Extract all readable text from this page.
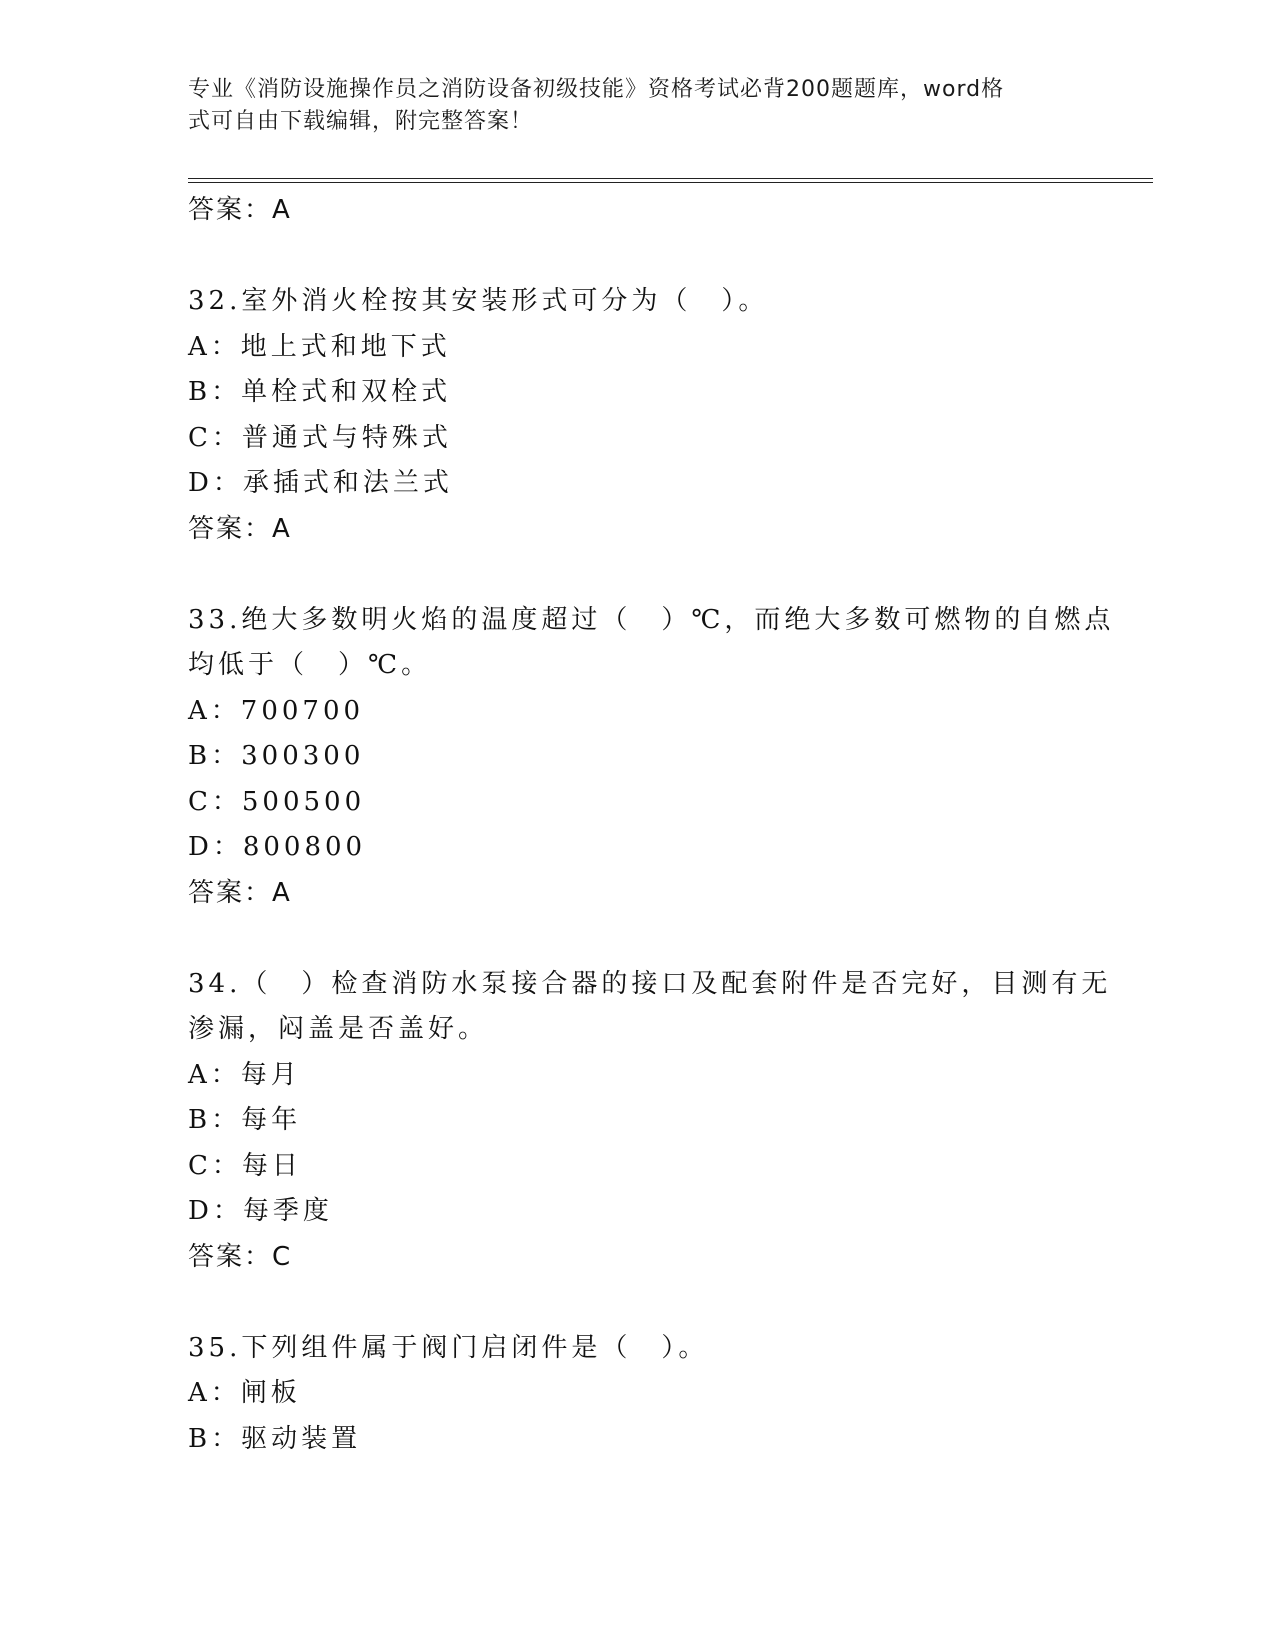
专业《消防设施操作员之消防设备初级技能》资格考试必背200题题库，word格
式可自由下载编辑，附完整答案！
答案：A
32.室外消火栓按其安装形式可分为（　）。
A：地上式和地下式
B：单栓式和双栓式
C：普通式与特殊式
D：承插式和法兰式
答案：A
33.绝大多数明火焰的温度超过（　）℃，而绝大多数可燃物的自燃点
均低于（　）℃。
A：700700
B：300300
C：500500
D：800800
答案：A
34.（　）检查消防水泵接合器的接口及配套附件是否完好，目测有无
渗漏，闷盖是否盖好。
A：每月
B：每年
C：每日
D：每季度
答案：C
35.下列组件属于阀门启闭件是（　）。
A：闸板
B：驱动装置
